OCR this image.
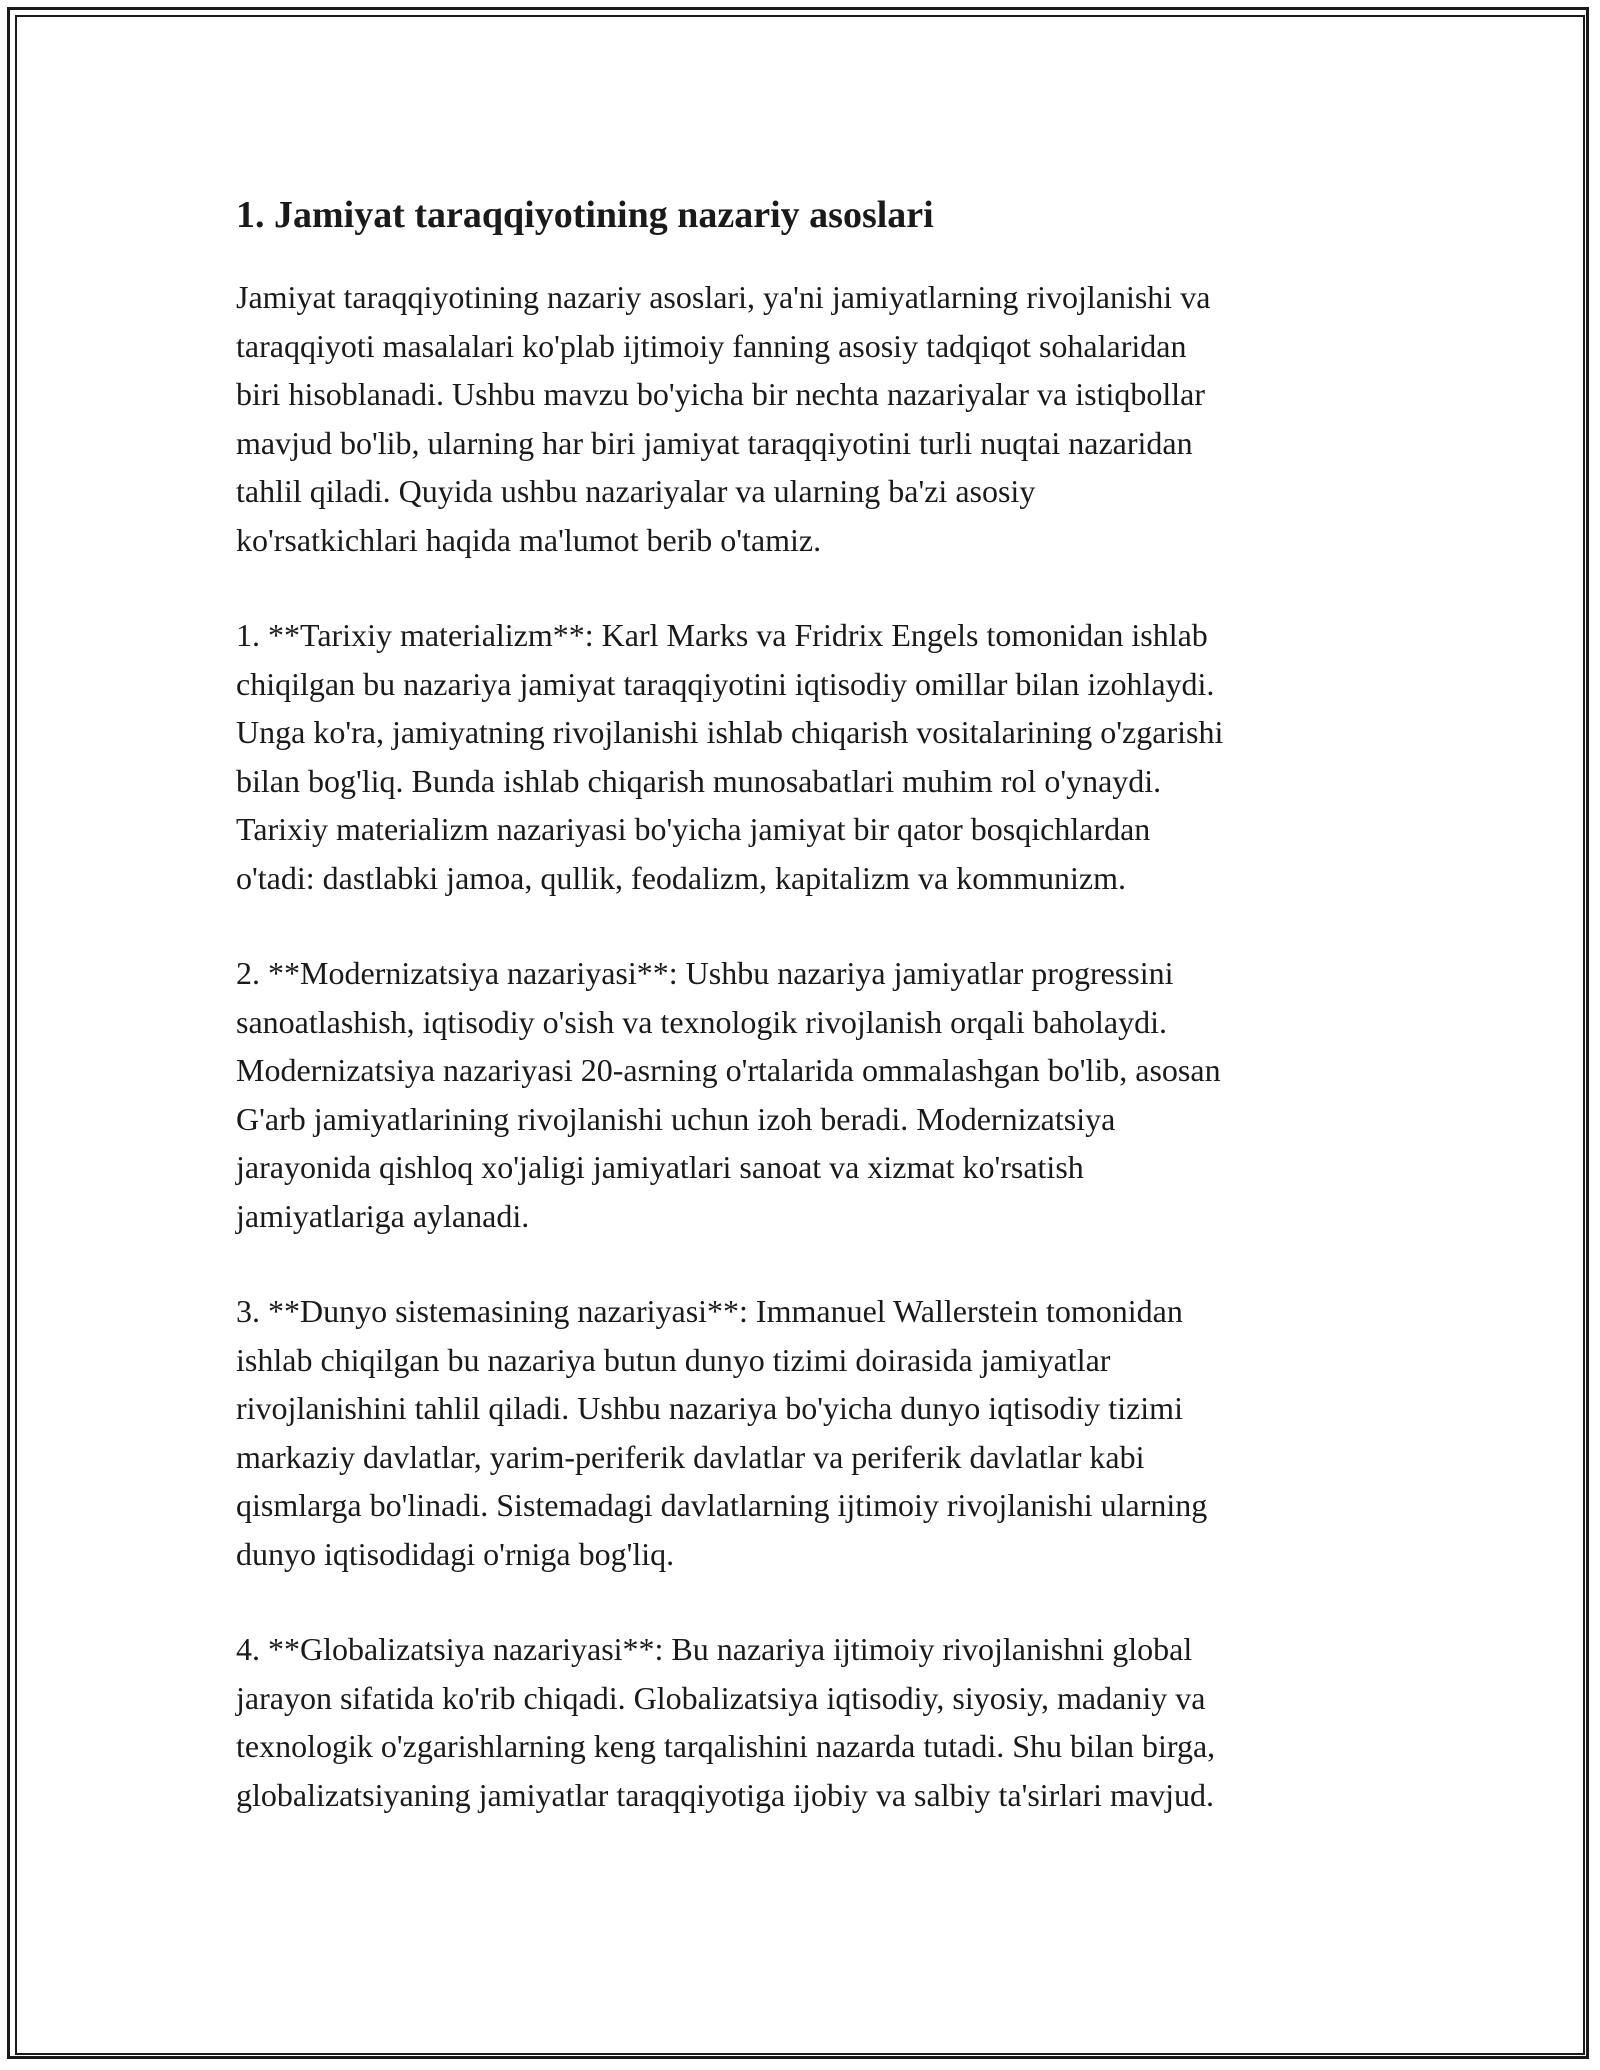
1. Jamiyat taraqqiyotining nazariy asoslari

Jamiyat taraqqiyotining nazariy asoslari, ya'ni jamiyatlarning rivojlanishi va
taraqqiyoti masalalari ko'plab ijtimoiy fanning asosiy tadqiqot sohalaridan
biri hisoblanadi. Ushbu mavzu bo'yicha bir nechta nazariyalar va istiqbollar
mavjud bo'lib, ularning har biri jamiyat taraqqiyotini turli nuqtai nazaridan
tahlil qiladi. Quyida ushbu nazariyalar va ularning ba'zi asosiy
ko'rsatkichlari haqida ma'lumot berib o'tamiz.

1. **Tarixiy materializm**: Karl Marks va Fridrix Engels tomonidan ishlab
chiqilgan bu nazariya jamiyat taraqqiyotini iqtisodiy omillar bilan izohlaydi.
Unga ko'ra, jamiyatning rivojlanishi ishlab chiqarish vositalarining o'zgarishi
bilan bog'liq. Bunda ishlab chiqarish munosabatlari muhim rol o'ynaydi.
Tarixiy materializm nazariyasi bo'yicha jamiyat bir qator bosqichlardan
o'tadi: dastlabki jamoa, qullik, feodalizm, kapitalizm va kommunizm.

2. **Modernizatsiya nazariyasi**: Ushbu nazariya jamiyatlar progressini
sanoatlashish, iqtisodiy o'sish va texnologik rivojlanish orqali baholaydi.
Modernizatsiya nazariyasi 20-asrning o'rtalarida ommalashgan bo'lib, asosan
G'arb jamiyatlarining rivojlanishi uchun izoh beradi. Modernizatsiya
jarayonida qishloq xo'jaligi jamiyatlari sanoat va xizmat ko'rsatish
jamiyatlariga aylanadi.

3. **Dunyo sistemasining nazariyasi**: Immanuel Wallerstein tomonidan
ishlab chiqilgan bu nazariya butun dunyo tizimi doirasida jamiyatlar
rivojlanishini tahlil qiladi. Ushbu nazariya bo'yicha dunyo iqtisodiy tizimi
markaziy davlatlar, yarim-periferik davlatlar va periferik davlatlar kabi
qismlarga bo'linadi. Sistemadagi davlatlarning ijtimoiy rivojlanishi ularning
dunyo iqtisodidagi o'rniga bog'liq.

4. **Globalizatsiya nazariyasi**: Bu nazariya ijtimoiy rivojlanishni global
jarayon sifatida ko'rib chiqadi. Globalizatsiya iqtisodiy, siyosiy, madaniy va
texnologik o'zgarishlarning keng tarqalishini nazarda tutadi. Shu bilan birga,
globalizatsiyaning jamiyatlar taraqqiyotiga ijobiy va salbiy ta'sirlari mavjud.
